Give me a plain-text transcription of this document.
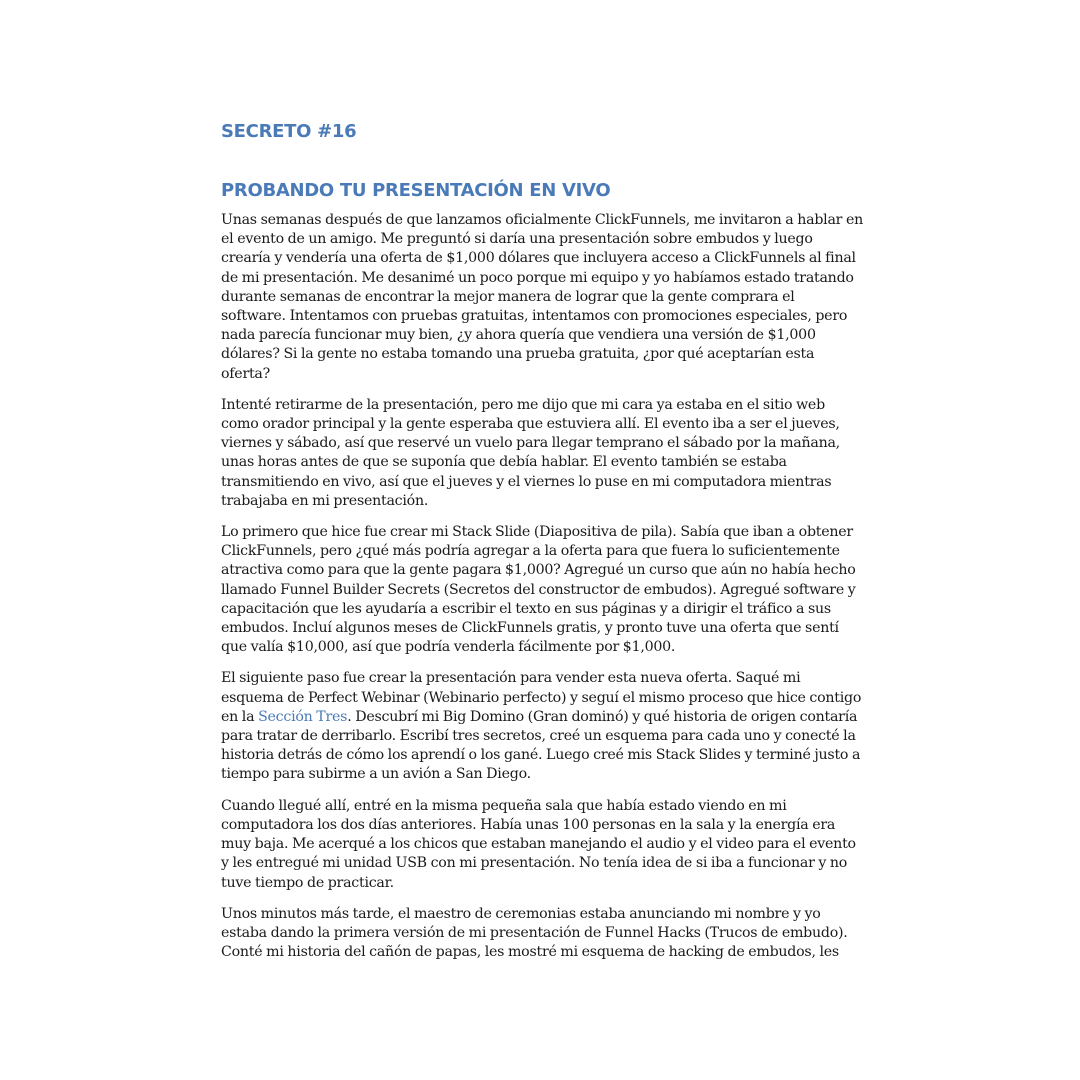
SECRETO #16
PROBANDO TU PRESENTACIÓN EN VIVO

Unas semanas después de que lanzamos oficialmente ClickFunnels, me invitaron a hablar en el evento de un amigo. Me preguntó si daría una presentación sobre embudos y luego crearía y vendería una oferta de $1,000 dólares que incluyera acceso a ClickFunnels al final de mi presentación. Me desanimé un poco porque mi equipo y yo habíamos estado tratando durante semanas de encontrar la mejor manera de lograr que la gente comprara el software. Intentamos con pruebas gratuitas, intentamos con promociones especiales, pero nada parecía funcionar muy bien, ¿y ahora quería que vendiera una versión de $1,000 dólares? Si la gente no estaba tomando una prueba gratuita, ¿por qué aceptarían esta oferta?

Intenté retirarme de la presentación, pero me dijo que mi cara ya estaba en el sitio web como orador principal y la gente esperaba que estuviera allí. El evento iba a ser el jueves, viernes y sábado, así que reservé un vuelo para llegar temprano el sábado por la mañana, unas horas antes de que se suponía que debía hablar. El evento también se estaba transmitiendo en vivo, así que el jueves y el viernes lo puse en mi computadora mientras trabajaba en mi presentación.

Lo primero que hice fue crear mi Stack Slide (Diapositiva de pila). Sabía que iban a obtener ClickFunnels, pero ¿qué más podría agregar a la oferta para que fuera lo suficientemente atractiva como para que la gente pagara $1,000? Agregué un curso que aún no había hecho llamado Funnel Builder Secrets (Secretos del constructor de embudos). Agregué software y capacitación que les ayudaría a escribir el texto en sus páginas y a dirigir el tráfico a sus embudos. Incluí algunos meses de ClickFunnels gratis, y pronto tuve una oferta que sentí que valía $10,000, así que podría venderla fácilmente por $1,000.

El siguiente paso fue crear la presentación para vender esta nueva oferta. Saqué mi esquema de Perfect Webinar (Webinario perfecto) y seguí el mismo proceso que hice contigo en la Sección Tres. Descubrí mi Big Domino (Gran dominó) y qué historia de origen contaría para tratar de derribarlo. Escribí tres secretos, creé un esquema para cada uno y conecté la historia detrás de cómo los aprendí o los gané. Luego creé mis Stack Slides y terminé justo a tiempo para subirme a un avión a San Diego.

Cuando llegué allí, entré en la misma pequeña sala que había estado viendo en mi computadora los dos días anteriores. Había unas 100 personas en la sala y la energía era muy baja. Me acerqué a los chicos que estaban manejando el audio y el video para el evento y les entregué mi unidad USB con mi presentación. No tenía idea de si iba a funcionar y no tuve tiempo de practicar.

Unos minutos más tarde, el maestro de ceremonias estaba anunciando mi nombre y yo estaba dando la primera versión de mi presentación de Funnel Hacks (Trucos de embudo). Conté mi historia del cañón de papas, les mostré mi esquema de hacking de embudos, les
